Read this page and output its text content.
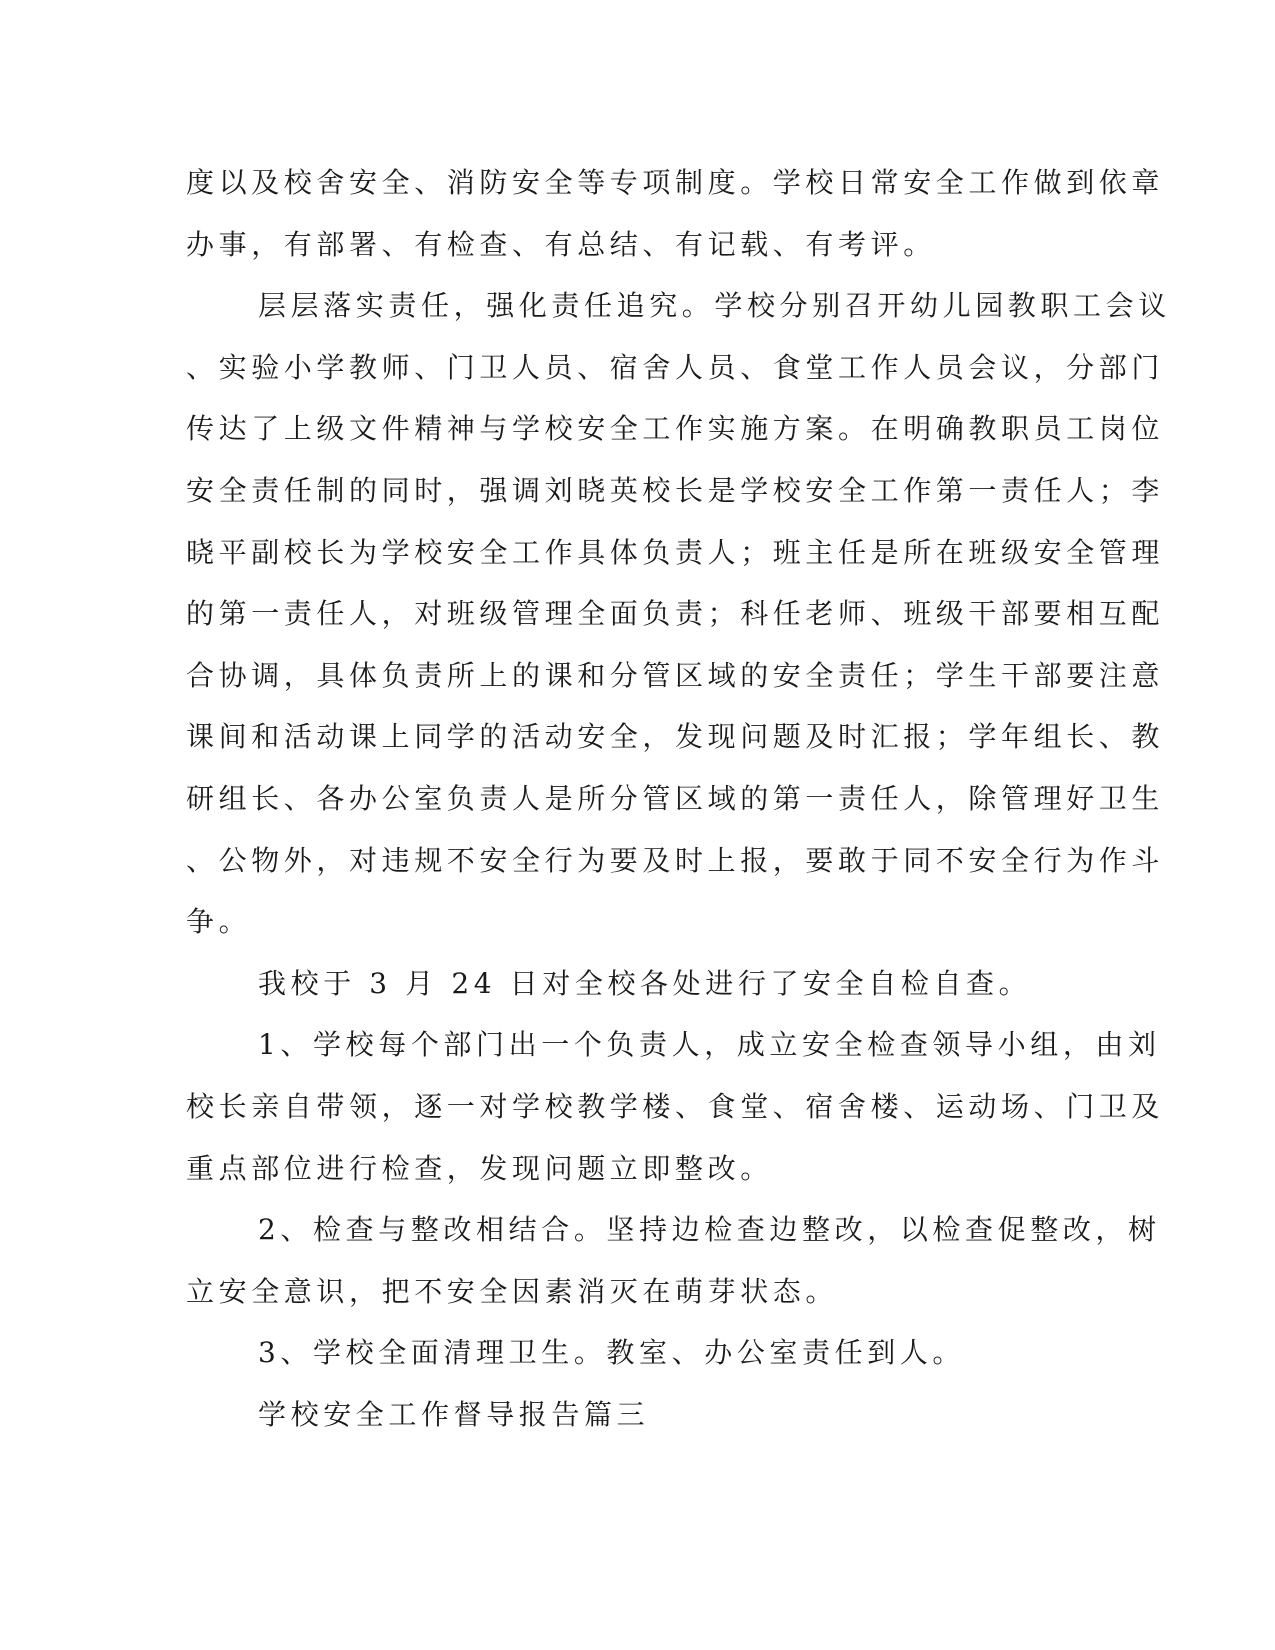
度以及校舍安全、消防安全等专项制度。学校日常安全工作做到依章
办事，有部署、有检查、有总结、有记载、有考评。
层层落实责任，强化责任追究。学校分别召开幼儿园教职工会议
、实验小学教师、门卫人员、宿舍人员、食堂工作人员会议，分部门
传达了上级文件精神与学校安全工作实施方案。在明确教职员工岗位
安全责任制的同时，强调刘晓英校长是学校安全工作第一责任人；李
晓平副校长为学校安全工作具体负责人；班主任是所在班级安全管理
的第一责任人，对班级管理全面负责；科任老师、班级干部要相互配
合协调，具体负责所上的课和分管区域的安全责任；学生干部要注意
课间和活动课上同学的活动安全，发现问题及时汇报；学年组长、教
研组长、各办公室负责人是所分管区域的第一责任人，除管理好卫生
、公物外，对违规不安全行为要及时上报，要敢于同不安全行为作斗
争。
我校于 3 月 24 日对全校各处进行了安全自检自查。
1、学校每个部门出一个负责人，成立安全检查领导小组，由刘
校长亲自带领，逐一对学校教学楼、食堂、宿舍楼、运动场、门卫及
重点部位进行检查，发现问题立即整改。
2、检查与整改相结合。坚持边检查边整改，以检查促整改，树
立安全意识，把不安全因素消灭在萌芽状态。
3、学校全面清理卫生。教室、办公室责任到人。
学校安全工作督导报告篇三
